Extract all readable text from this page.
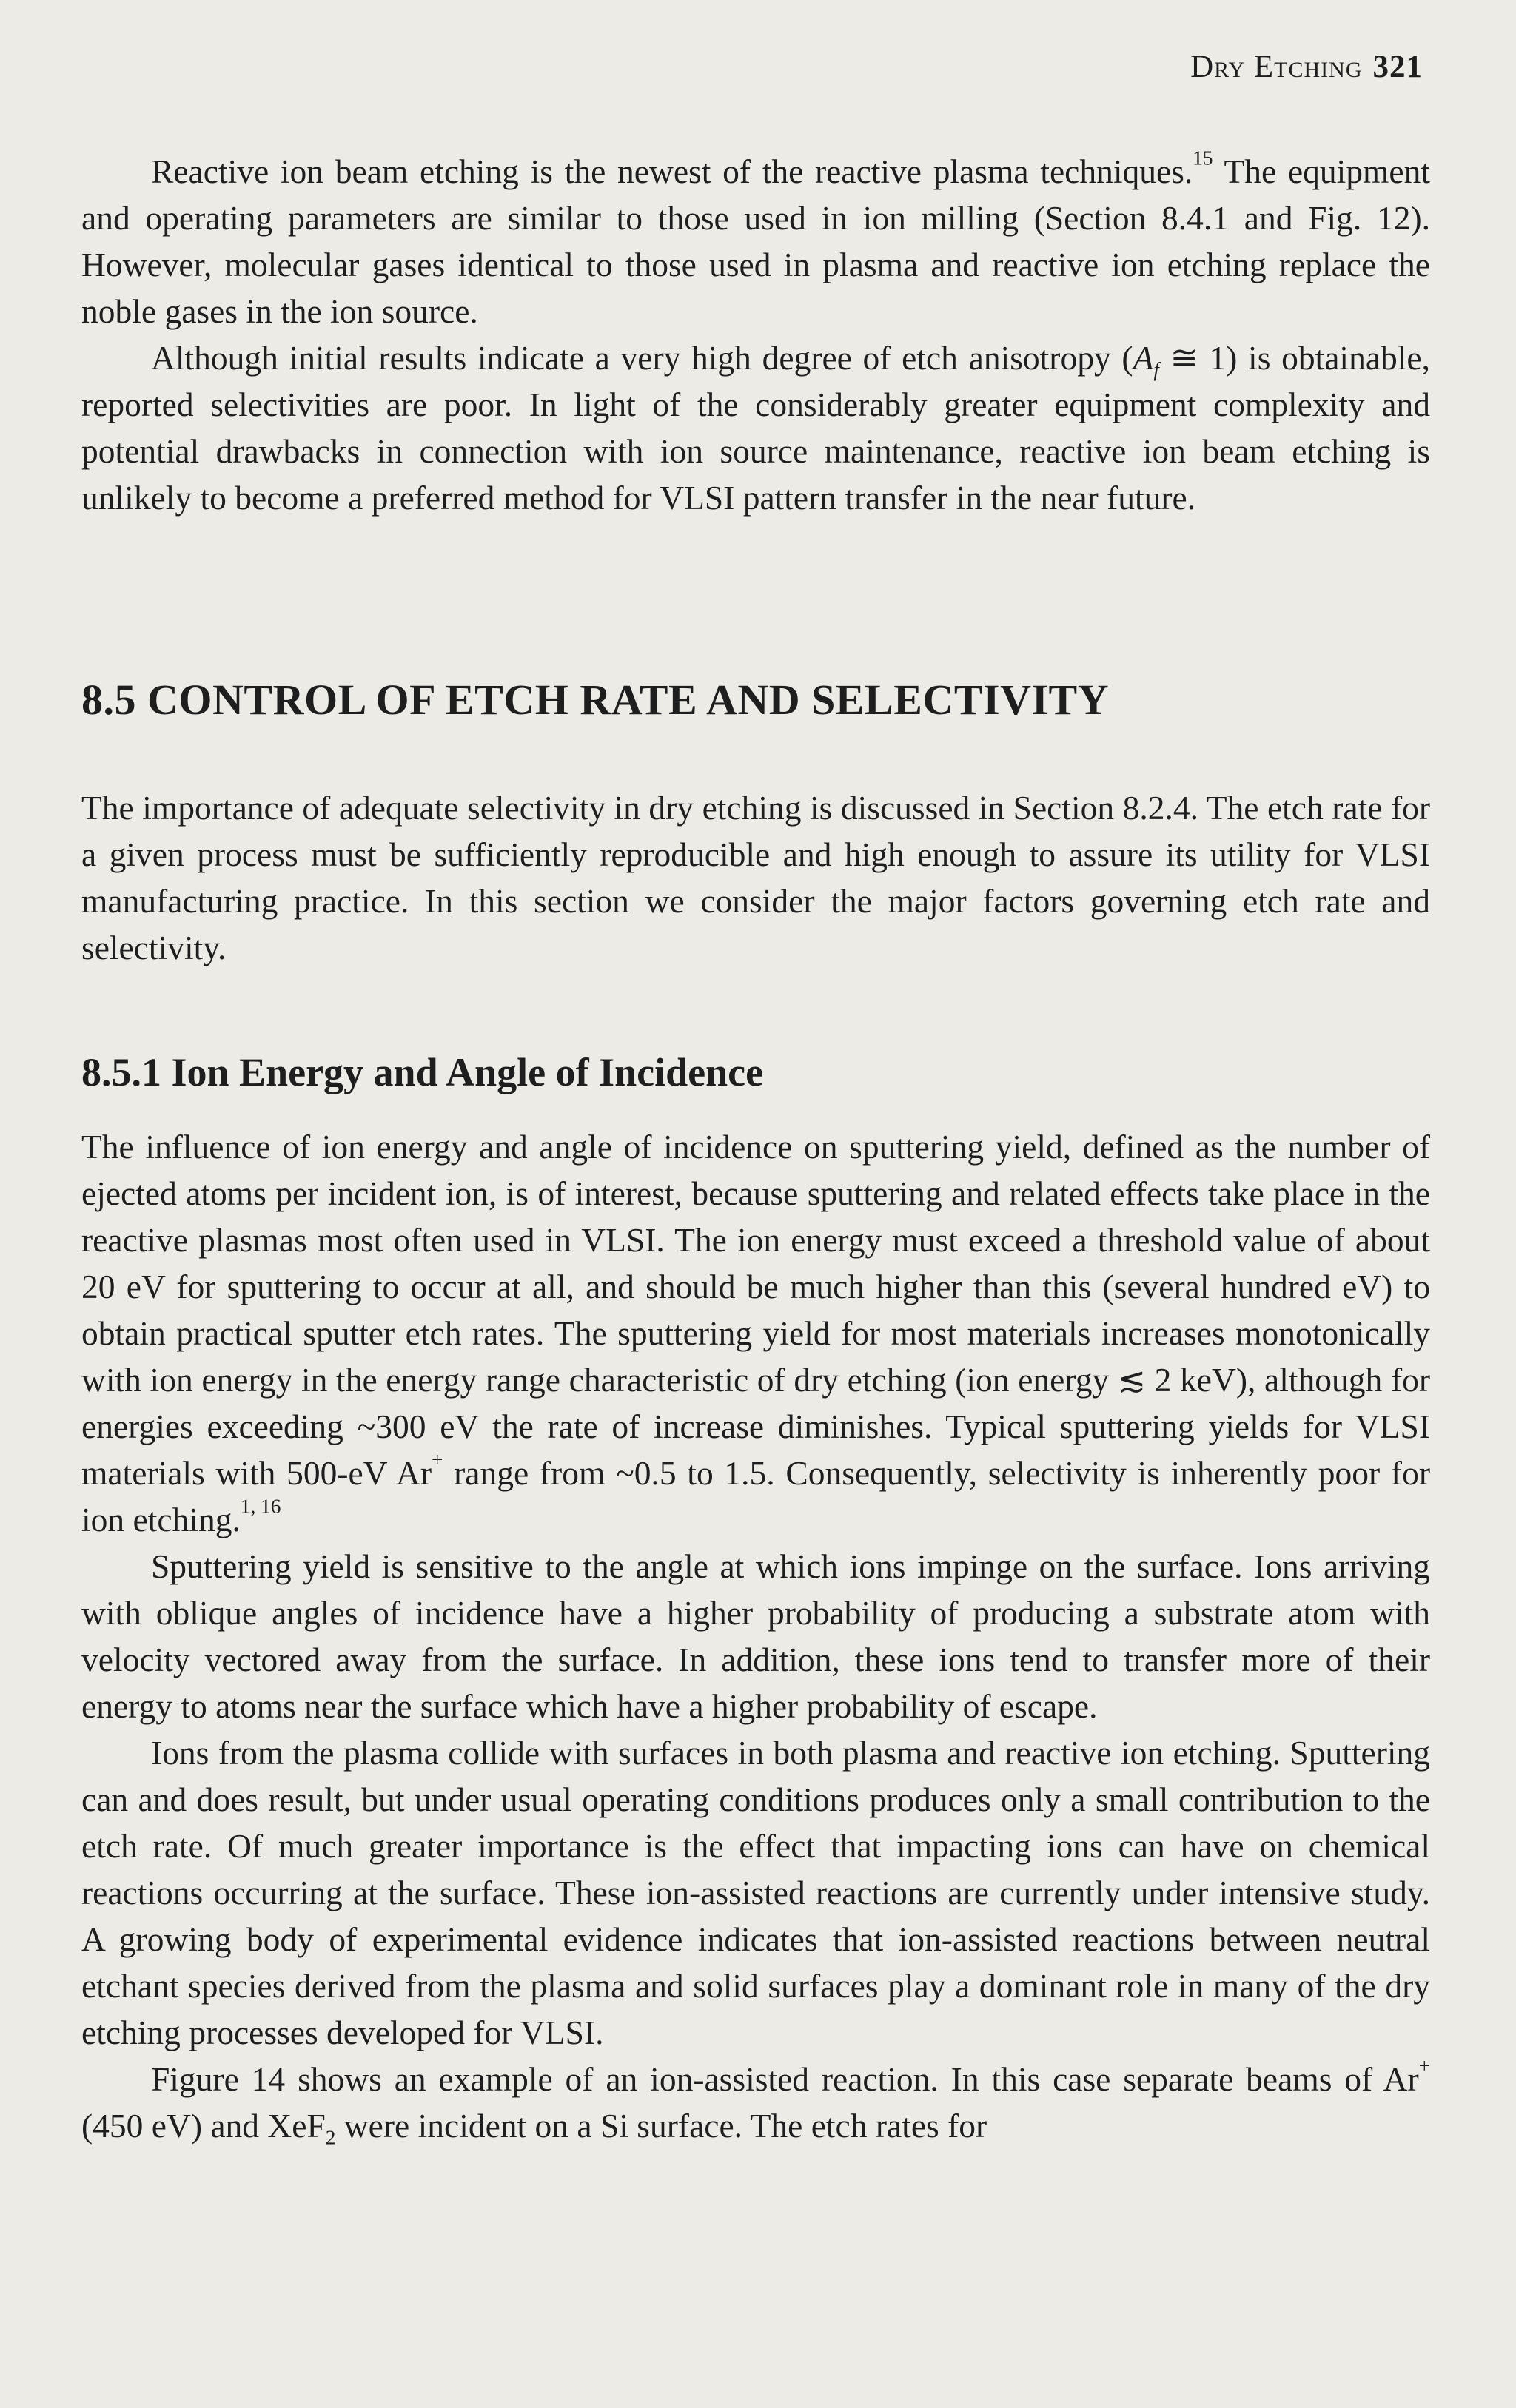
Dry Etching 321

Reactive ion beam etching is the newest of the reactive plasma techniques.$^{15}$ The equipment and operating parameters are similar to those used in ion milling (Section 8.4.1 and Fig. 12). However, molecular gases identical to those used in plasma and reactive ion etching replace the noble gases in the ion source.

Although initial results indicate a very high degree of etch anisotropy ($A_f$ ≅ 1) is obtainable, reported selectivities are poor. In light of the considerably greater equipment complexity and potential drawbacks in connection with ion source maintenance, reactive ion beam etching is unlikely to become a preferred method for VLSI pattern transfer in the near future.

8.5 CONTROL OF ETCH RATE AND SELECTIVITY

The importance of adequate selectivity in dry etching is discussed in Section 8.2.4. The etch rate for a given process must be sufficiently reproducible and high enough to assure its utility for VLSI manufacturing practice. In this section we consider the major factors governing etch rate and selectivity.

8.5.1 Ion Energy and Angle of Incidence

The influence of ion energy and angle of incidence on sputtering yield, defined as the number of ejected atoms per incident ion, is of interest, because sputtering and related effects take place in the reactive plasmas most often used in VLSI. The ion energy must exceed a threshold value of about 20 eV for sputtering to occur at all, and should be much higher than this (several hundred eV) to obtain practical sputter etch rates. The sputtering yield for most materials increases monotonically with ion energy in the energy range characteristic of dry etching (ion energy ≲ 2 keV), although for energies exceeding ~300 eV the rate of increase diminishes. Typical sputtering yields for VLSI materials with 500-eV Ar+ range from ~0.5 to 1.5. Consequently, selectivity is inherently poor for ion etching.$^{1, 16}$

Sputtering yield is sensitive to the angle at which ions impinge on the surface. Ions arriving with oblique angles of incidence have a higher probability of producing a substrate atom with velocity vectored away from the surface. In addition, these ions tend to transfer more of their energy to atoms near the surface which have a higher probability of escape.

Ions from the plasma collide with surfaces in both plasma and reactive ion etching. Sputtering can and does result, but under usual operating conditions produces only a small contribution to the etch rate. Of much greater importance is the effect that impacting ions can have on chemical reactions occurring at the surface. These ion-assisted reactions are currently under intensive study. A growing body of experimental evidence indicates that ion-assisted reactions between neutral etchant species derived from the plasma and solid surfaces play a dominant role in many of the dry etching processes developed for VLSI.

Figure 14 shows an example of an ion-assisted reaction. In this case separate beams of Ar+(450 eV) and XeF$_2$ were incident on a Si surface. The etch rates for
